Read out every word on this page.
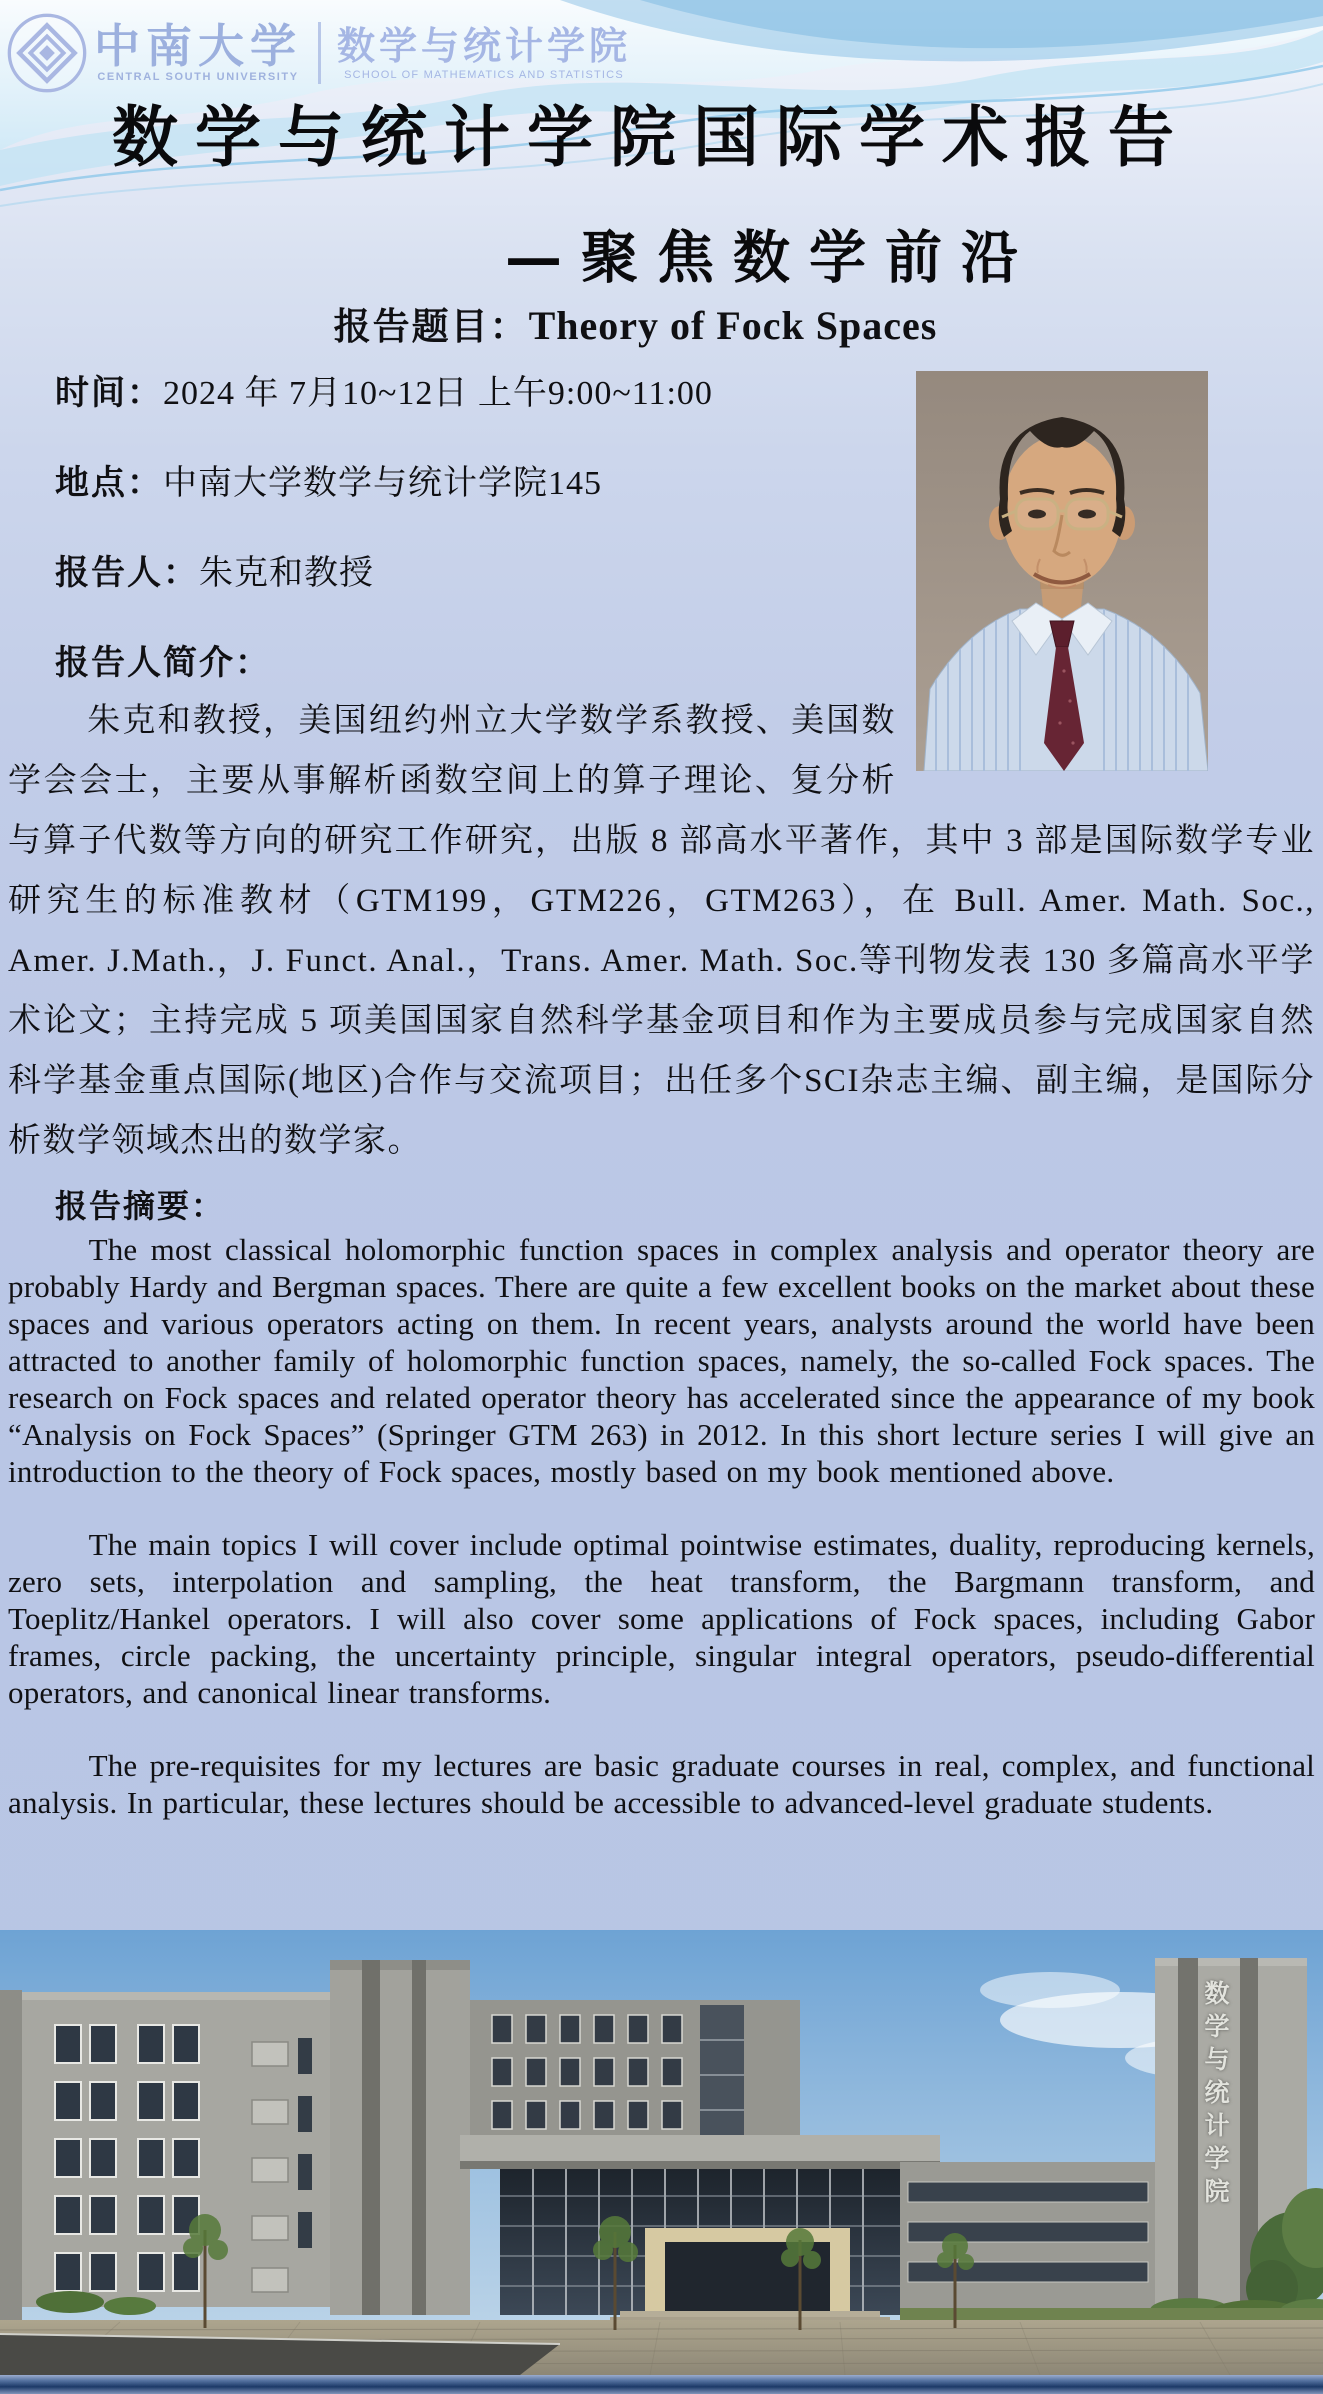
中南大学
CENTRAL SOUTH UNIVERSITY
数学与统计学院
SCHOOL OF MATHEMATICS AND STATISTICS
数学与统计学院国际学术报告
—聚焦数学前沿
报告题目：Theory of Fock Spaces
时间：2024 年 7月10~12日 上午9:00~11:00
地点：中南大学数学与统计学院145
报告人：朱克和教授
报告人简介：

朱克和教授，美国纽约州立大学数学系教授、美国数学会会士，主要从事解析函数空间上的算子理论、复分析与算子代数等方向的研究工作研究，出版 8 部高水平著作，其中 3 部是国际数学专业研究生的标准教材（GTM199，GTM226，GTM263），在 Bull. Amer. Math. Soc., Amer. J.Math.，J. Funct. Anal.，Trans. Amer. Math. Soc.等刊物发表 130 多篇高水平学术论文；主持完成 5 项美国国家自然科学基金项目和作为主要成员参与完成国家自然科学基金重点国际(地区)合作与交流项目；出任多个SCI杂志主编、副主编，是国际分析数学领域杰出的数学家。

报告摘要：

The most classical holomorphic function spaces in complex analysis and operator theory are probably Hardy and Bergman spaces. There are quite a few excellent books on the market about these spaces and various operators acting on them. In recent years, analysts around the world have been attracted to another family of holomorphic function spaces, namely, the so-called Fock spaces. The research on Fock spaces and related operator theory has accelerated since the appearance of my book “Analysis on Fock Spaces” (Springer GTM 263) in 2012. In this short lecture series I will give an introduction to the theory of Fock spaces, mostly based on my book mentioned above.

The main topics I will cover include optimal pointwise estimates, duality, reproducing kernels, zero sets, interpolation and sampling, the heat transform, the Bargmann transform, and Toeplitz/Hankel operators. I will also cover some applications of Fock spaces, including Gabor frames, circle packing, the uncertainty principle, singular integral operators, pseudo-differential operators, and canonical linear transforms.

The pre-requisites for my lectures are basic graduate courses in real, complex, and functional analysis. In particular, these lectures should be accessible to advanced-level graduate students.

数学与统计学院
